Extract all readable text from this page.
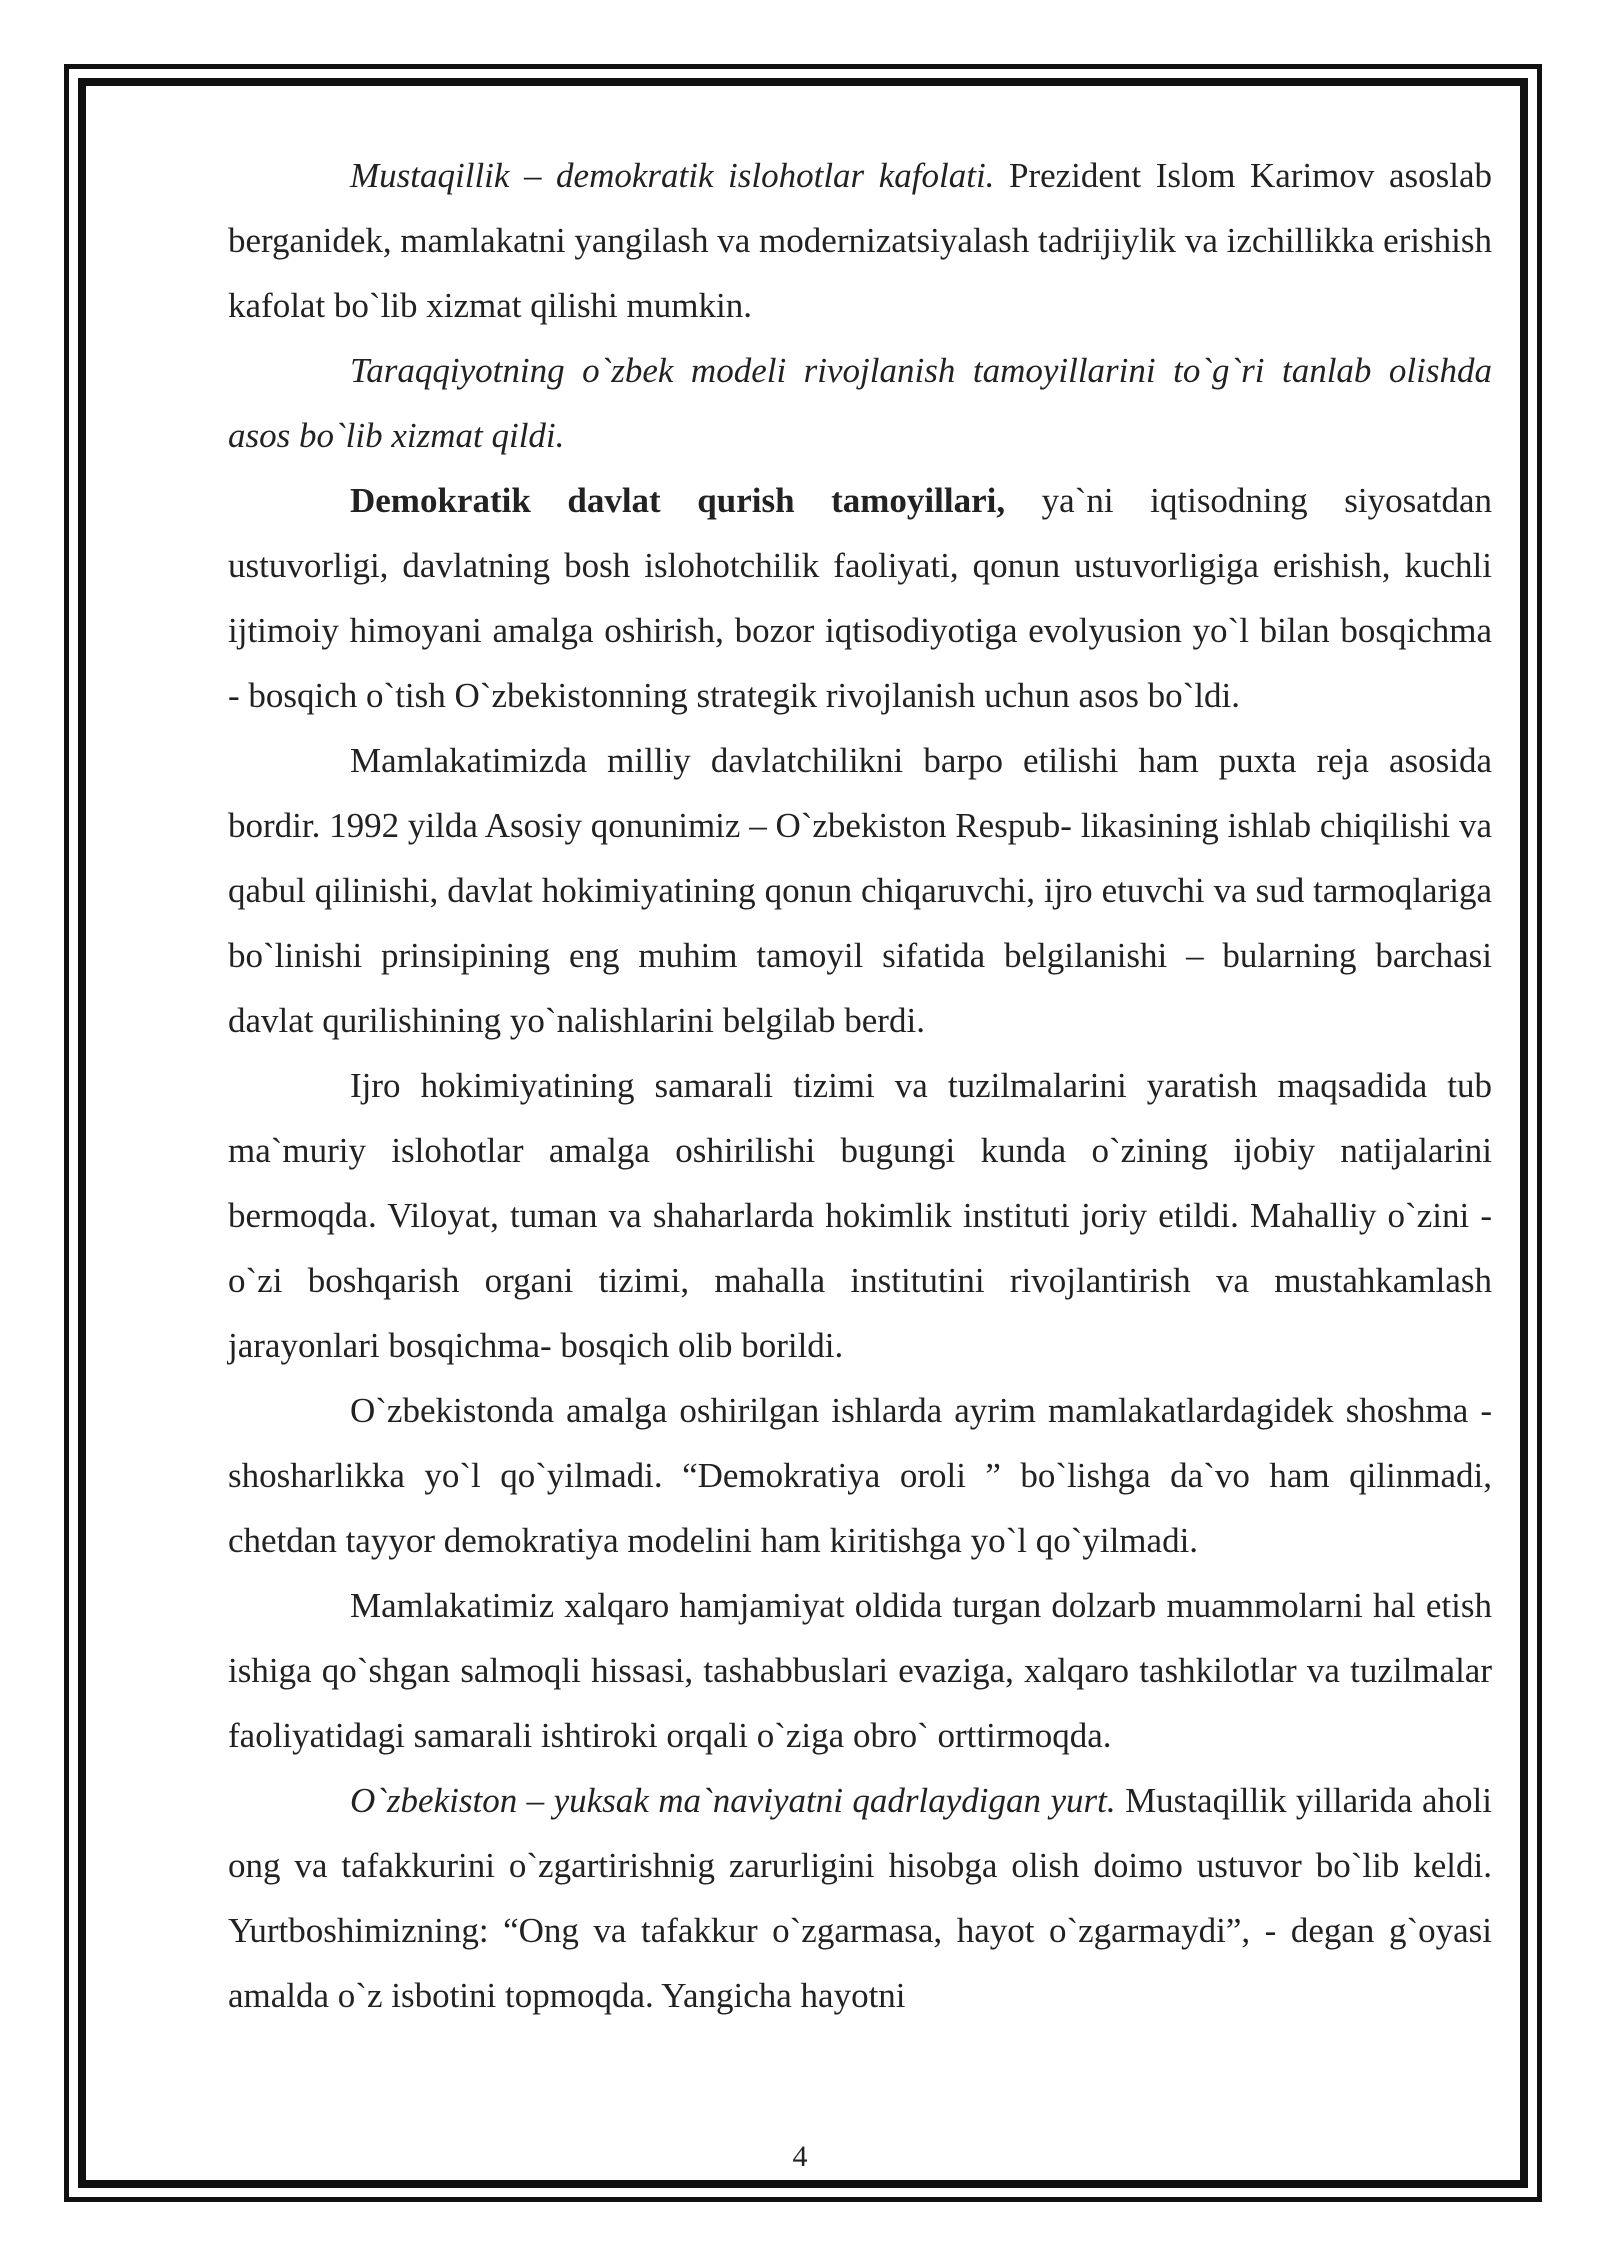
Mustaqillik – demokratik islohotlar kafolati. Prezident Islom Karimov asoslab berganidek, mamlakatni yangilash va modernizatsiyalash tadrijiylik va izchillikka erishish kafolat bo`lib xizmat qilishi mumkin.

Taraqqiyotning o`zbek modeli rivojlanish tamoyillarini to`g`ri tanlab olishda asos bo`lib xizmat qildi.

Demokratik davlat qurish tamoyillari, ya`ni iqtisodning siyosatdan ustuvorligi, davlatning bosh islohotchilik faoliyati, qonun ustuvorligiga erishish, kuchli ijtimoiy himoyani amalga oshirish, bozor iqtisodiyotiga evolyusion yo`l bilan bosqichma - bosqich o`tish O`zbekistonning strategik rivojlanish uchun asos bo`ldi.

Mamlakatimizda milliy davlatchilikni barpo etilishi ham puxta reja asosida bordir. 1992 yilda Asosiy qonunimiz – O`zbekiston Respub- likasining ishlab chiqilishi va qabul qilinishi, davlat hokimiyatining qonun chiqaruvchi, ijro etuvchi va sud tarmoqlariga bo`linishi prinsipining eng muhim tamoyil sifatida belgilanishi – bularning barchasi davlat qurilishining yo`nalishlarini belgilab berdi.

Ijro hokimiyatining samarali tizimi va tuzilmalarini yaratish maqsadida tub ma`muriy islohotlar amalga oshirilishi bugungi kunda o`zining ijobiy natijalarini bermoqda. Viloyat, tuman va shaharlarda hokimlik instituti joriy etildi. Mahalliy o`zini - o`zi boshqarish organi tizimi, mahalla institutini rivojlantirish va mustahkamlash jarayonlari bosqichma- bosqich olib borildi.

O`zbekistonda amalga oshirilgan ishlarda ayrim mamlakatlardagidek shoshma - shosharlikka yo`l qo`yilmadi. “Demokratiya oroli ” bo`lishga da`vo ham qilinmadi, chetdan tayyor demokratiya modelini ham kiritishga yo`l qo`yilmadi.

Mamlakatimiz xalqaro hamjamiyat oldida turgan dolzarb muammolarni hal etish ishiga qo`shgan salmoqli hissasi, tashabbuslari evaziga, xalqaro tashkilotlar va tuzilmalar faoliyatidagi samarali ishtiroki orqali o`ziga obro` orttirmoqda.

O`zbekiston – yuksak ma`naviyatni qadrlaydigan yurt. Mustaqillik yillarida aholi ong va tafakkurini o`zgartirishnig zarurligini hisobga olish doimo ustuvor bo`lib keldi. Yurtboshimizning: “Ong va tafakkur o`zgarmasa, hayot o`zgarmaydi”, - degan g`oyasi amalda o`z isbotini topmoqda. Yangicha hayotni

4
